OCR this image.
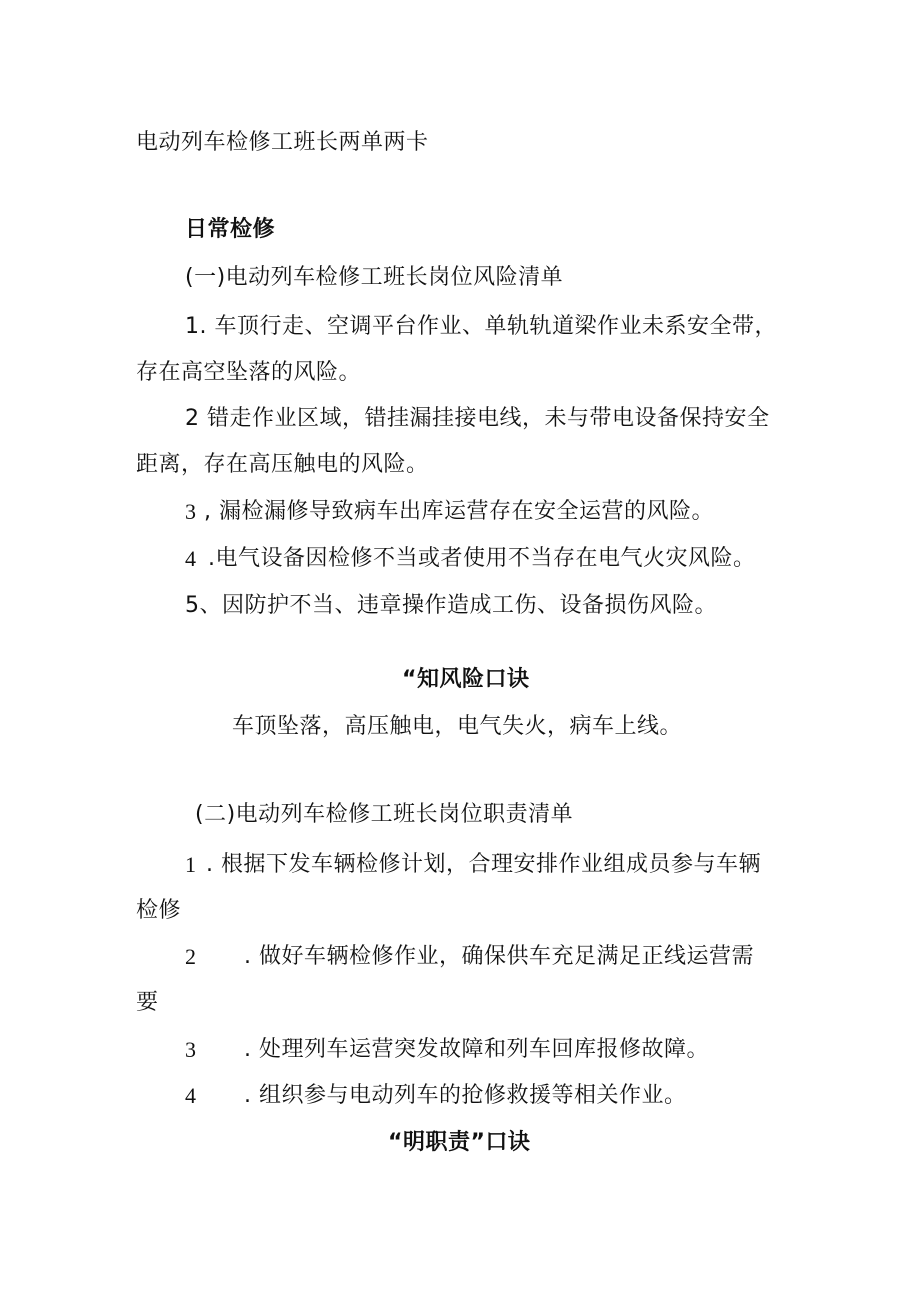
电动列车检修工班长两单两卡
日常检修
(一)电动列车检修工班长岗位风险清单
1. 车顶行走、空调平台作业、单轨轨道梁作业未系安全带，
存在高空坠落的风险。
2 错走作业区域，错挂漏挂接电线，未与带电设备保持安全
距离，存在高压触电的风险。
3 , 漏检漏修导致病车出库运营存在安全运营的风险。
4 .电气设备因检修不当或者使用不当存在电气火灾风险。
5、因防护不当、违章操作造成工伤、设备损伤风险。
“知风险口诀
车顶坠落，高压触电，电气失火，病车上线。
(二)电动列车检修工班长岗位职责清单
1 . 根据下发车辆检修计划，合理安排作业组成员参与车辆
检修
2 . 做好车辆检修作业，确保供车充足满足正线运营需
要
3 . 处理列车运营突发故障和列车回库报修故障。
4 . 组织参与电动列车的抢修救援等相关作业。
“明职责”口诀
